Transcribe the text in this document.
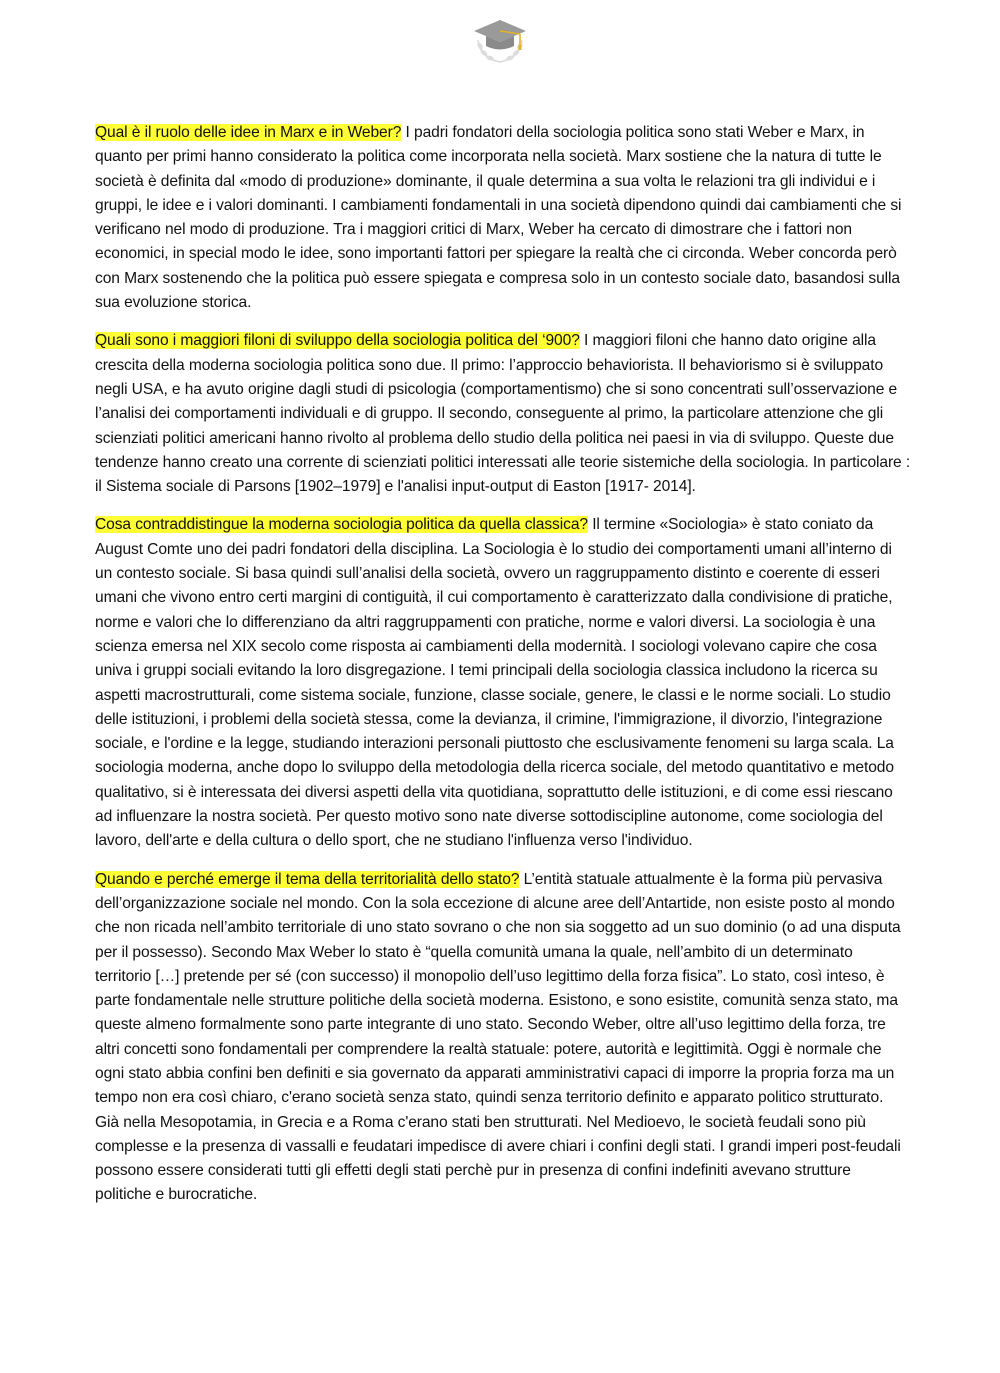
Qual è il ruolo delle idee in Marx e in Weber? I padri fondatori della sociologia politica sono stati Weber e Marx, in quanto per primi hanno considerato la politica come incorporata nella società. Marx sostiene che la natura di tutte le società è definita dal «modo di produzione» dominante, il quale determina a sua volta le relazioni tra gli individui e i gruppi, le idee e i valori dominanti. I cambiamenti fondamentali in una società dipendono quindi dai cambiamenti che si verificano nel modo di produzione. Tra i maggiori critici di Marx, Weber ha cercato di dimostrare che i fattori non economici, in special modo le idee, sono importanti fattori per spiegare la realtà che ci circonda. Weber concorda però con Marx sostenendo che la politica può essere spiegata e compresa solo in un contesto sociale dato, basandosi sulla sua evoluzione storica.

Quali sono i maggiori filoni di sviluppo della sociologia politica del ‘900? I maggiori filoni che hanno dato origine alla crescita della moderna sociologia politica sono due. Il primo: l’approccio behaviorista. Il behaviorismo si è sviluppato negli USA, e ha avuto origine dagli studi di psicologia (comportamentismo) che si sono concentrati sull’osservazione e l’analisi dei comportamenti individuali e di gruppo. Il secondo, conseguente al primo, la particolare attenzione che gli scienziati politici americani hanno rivolto al problema dello studio della politica nei paesi in via di sviluppo. Queste due tendenze hanno creato una corrente di scienziati politici interessati alle teorie sistemiche della sociologia. In particolare : il Sistema sociale di Parsons [1902–1979] e l'analisi input-output di Easton [1917- 2014].

Cosa contraddistingue la moderna sociologia politica da quella classica? Il termine «Sociologia» è stato coniato da August Comte uno dei padri fondatori della disciplina. La Sociologia è lo studio dei comportamenti umani all’interno di un contesto sociale. Si basa quindi sull’analisi della società, ovvero un raggruppamento distinto e coerente di esseri umani che vivono entro certi margini di contiguità, il cui comportamento è caratterizzato dalla condivisione di pratiche, norme e valori che lo differenziano da altri raggruppamenti con pratiche, norme e valori diversi. La sociologia è una scienza emersa nel XIX secolo come risposta ai cambiamenti della modernità. I sociologi volevano capire che cosa univa i gruppi sociali evitando la loro disgregazione. I temi principali della sociologia classica includono la ricerca su aspetti macrostrutturali, come sistema sociale, funzione, classe sociale, genere, le classi e le norme sociali. Lo studio delle istituzioni, i problemi della società stessa, come la devianza, il crimine, l'immigrazione, il divorzio, l'integrazione sociale, e l'ordine e la legge, studiando interazioni personali piuttosto che esclusivamente fenomeni su larga scala. La sociologia moderna, anche dopo lo sviluppo della metodologia della ricerca sociale, del metodo quantitativo e metodo qualitativo, si è interessata dei diversi aspetti della vita quotidiana, soprattutto delle istituzioni, e di come essi riescano ad influenzare la nostra società. Per questo motivo sono nate diverse sottodiscipline autonome, come sociologia del lavoro, dell'arte e della cultura o dello sport, che ne studiano l'influenza verso l'individuo.

Quando e perché emerge il tema della territorialità dello stato? L’entità statuale attualmente è la forma più pervasiva dell’organizzazione sociale nel mondo. Con la sola eccezione di alcune aree dell’Antartide, non esiste posto al mondo che non ricada nell’ambito territoriale di uno stato sovrano o che non sia soggetto ad un suo dominio (o ad una disputa per il possesso). Secondo Max Weber lo stato è “quella comunità umana la quale, nell’ambito di un determinato territorio […] pretende per sé (con successo) il monopolio dell’uso legittimo della forza fisica”. Lo stato, così inteso, è parte fondamentale nelle strutture politiche della società moderna. Esistono, e sono esistite, comunità senza stato, ma queste almeno formalmente sono parte integrante di uno stato. Secondo Weber, oltre all’uso legittimo della forza, tre altri concetti sono fondamentali per comprendere la realtà statuale: potere, autorità e legittimità. Oggi è normale che ogni stato abbia confini ben definiti e sia governato da apparati amministrativi capaci di imporre la propria forza ma un tempo non era così chiaro, c'erano società senza stato, quindi senza territorio definito e apparato politico strutturato. Già nella Mesopotamia, in Grecia e a Roma c'erano stati ben strutturati. Nel Medioevo, le società feudali sono più complesse e la presenza di vassalli e feudatari impedisce di avere chiari i confini degli stati. I grandi imperi post-feudali possono essere considerati tutti gli effetti degli stati perchè pur in presenza di confini indefiniti avevano strutture politiche e burocratiche.
